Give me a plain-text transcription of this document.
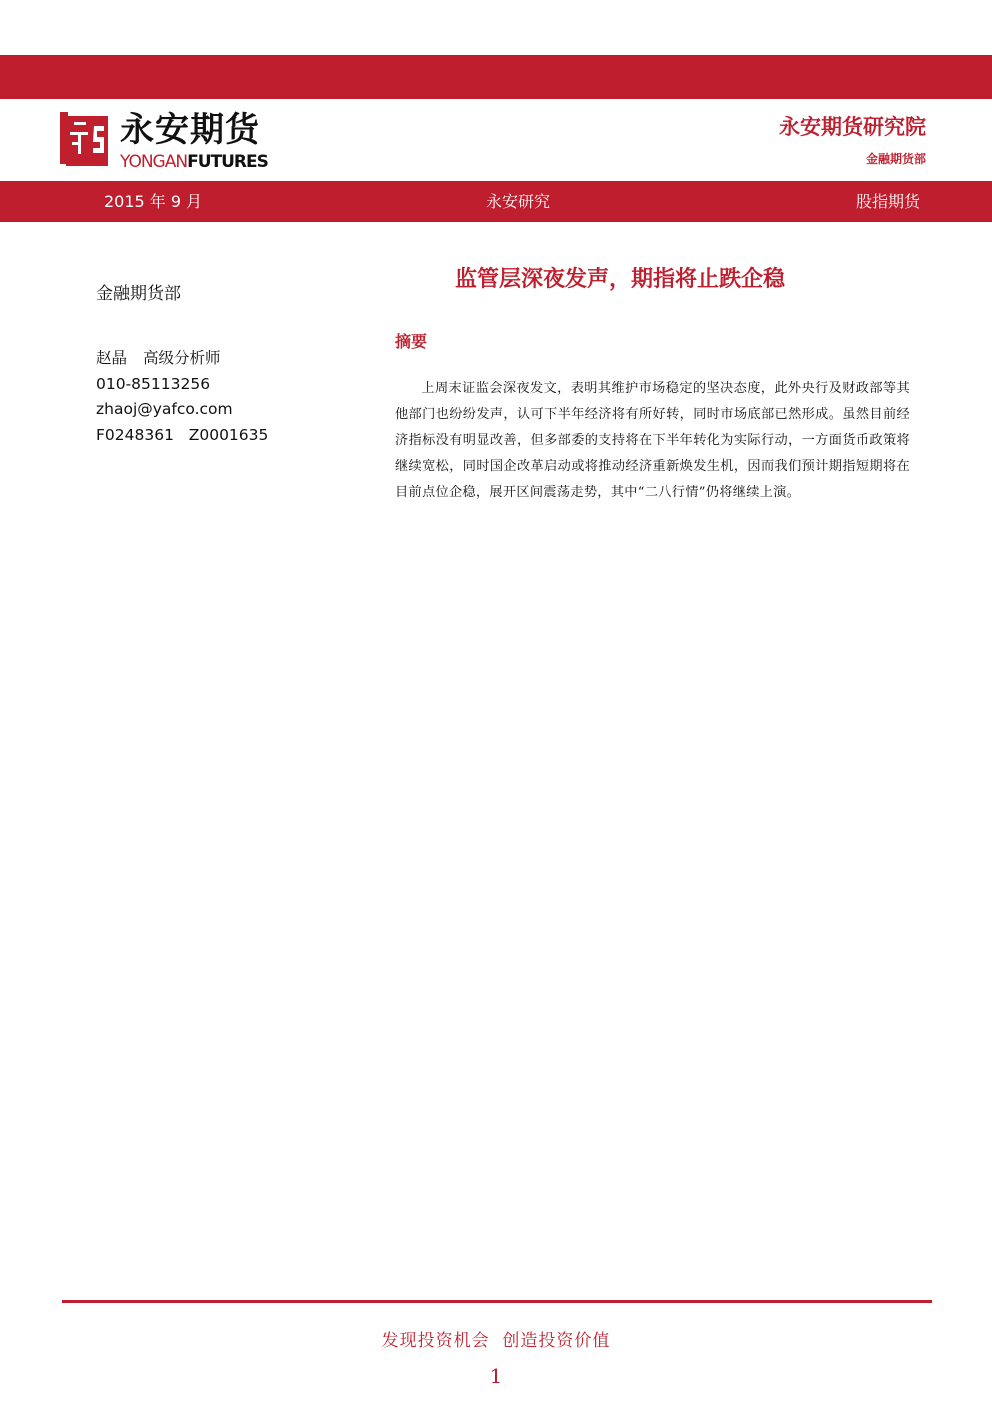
永安期货
YONGANFUTURES
永安期货研究院
金融期货部
2015 年 9 月	永安研究	股指期货
金融期货部
赵晶 高级分析师
010-85113256
zhaoj@yafco.com
F0248361   Z0001635
监管层深夜发声，期指将止跌企稳
摘要

上周末证监会深夜发文，表明其维护市场稳定的坚决态度，此外央行及财政部等其他部门也纷纷发声，认可下半年经济将有所好转，同时市场底部已然形成。虽然目前经济指标没有明显改善，但多部委的支持将在下半年转化为实际行动，一方面货币政策将继续宽松，同时国企改革启动或将推动经济重新焕发生机，因而我们预计期指短期将在目前点位企稳，展开区间震荡走势，其中“二八行情”仍将继续上演。

发现投资机会  创造投资价值
1
